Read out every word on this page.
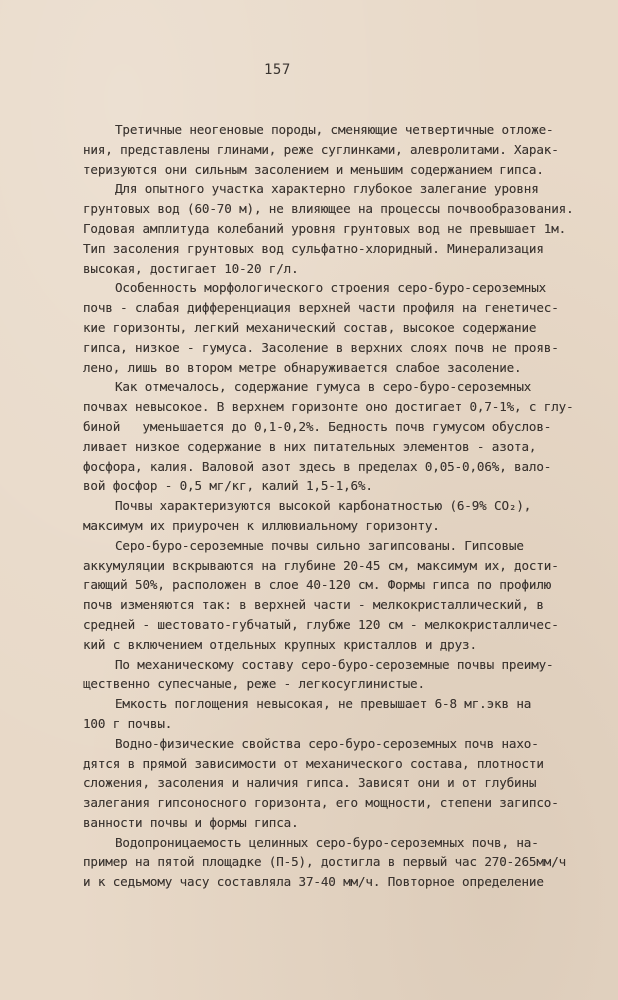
157
Третичные неогеновые породы, сменяющие четвертичные отложе-
ния, представлены глинами, реже суглинками, алевролитами. Харак-
теризуются они сильным засолением и меньшим содержанием гипса.
Для опытного участка характерно глубокое залегание уровня
грунтовых вод (60-70 м), не влияющее на процессы почвообразования.
Годовая амплитуда колебаний уровня грунтовых вод не превышает 1м.
Тип засоления грунтовых вод сульфатно-хлоридный. Минерализация
высокая, достигает 10-20 г/л.
Особенность морфологического строения серо-буро-сероземных
почв - слабая дифференциация верхней части профиля на генетичес-
кие горизонты, легкий механический состав, высокое содержание
гипса, низкое - гумуса. Засоление в верхних слоях почв не прояв-
лено, лишь во втором метре обнаруживается слабое засоление.
Как отмечалось, содержание гумуса в серо-буро-сероземных
почвах невысокое. В верхнем горизонте оно достигает 0,7-1%, с глу-
биной   уменьшается до 0,1-0,2%. Бедность почв гумусом обуслов-
ливает низкое содержание в них питательных элементов - азота,
фосфора, калия. Валовой азот здесь в пределах 0,05-0,06%, вало-
вой фосфор - 0,5 мг/кг, калий 1,5-1,6%.
Почвы характеризуются высокой карбонатностью (6-9% CO₂),
максимум их приурочен к иллювиальному горизонту.
Серо-буро-сероземные почвы сильно загипсованы. Гипсовые
аккумуляции вскрываются на глубине 20-45 см, максимум их, дости-
гающий 50%, расположен в слое 40-120 см. Формы гипса по профилю
почв изменяются так: в верхней части - мелкокристаллический, в
средней - шестовато-губчатый, глубже 120 см - мелкокристалличес-
кий с включением отдельных крупных кристаллов и друз.
По механическому составу серо-буро-сероземные почвы преиму-
щественно супесчаные, реже - легкосуглинистые.
Емкость поглощения невысокая, не превышает 6-8 мг.экв на
100 г почвы.
Водно-физические свойства серо-буро-сероземных почв нахо-
дятся в прямой зависимости от механического состава, плотности
сложения, засоления и наличия гипса. Зависят они и от глубины
залегания гипсоносного горизонта, его мощности, степени загипсо-
ванности почвы и формы гипса.
Водопроницаемость целинных серо-буро-сероземных почв, на-
пример на пятой площадке (П-5), достигла в первый час 270-265мм/ч
и к седьмому часу составляла 37-40 мм/ч. Повторное определение
